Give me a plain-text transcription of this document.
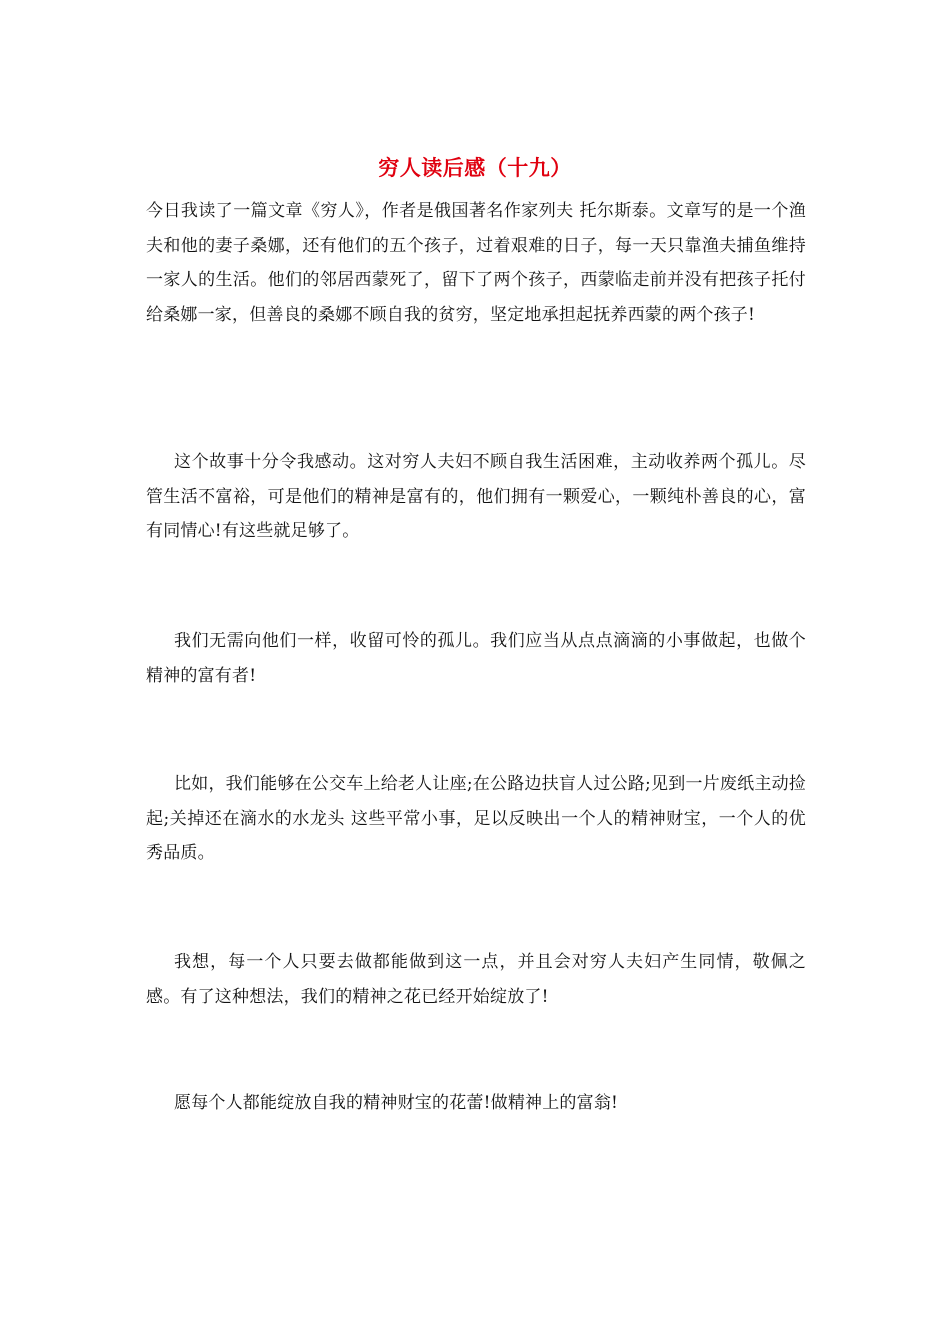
穷人读后感（十九）

今日我读了一篇文章《穷人》，作者是俄国著名作家列夫 托尔斯泰。文章写的是一个渔夫和他的妻子桑娜，还有他们的五个孩子，过着艰难的日子，每一天只靠渔夫捕鱼维持一家人的生活。他们的邻居西蒙死了，留下了两个孩子，西蒙临走前并没有把孩子托付给桑娜一家，但善良的桑娜不顾自我的贫穷，坚定地承担起抚养西蒙的两个孩子!

这个故事十分令我感动。这对穷人夫妇不顾自我生活困难，主动收养两个孤儿。尽管生活不富裕，可是他们的精神是富有的，他们拥有一颗爱心，一颗纯朴善良的心，富有同情心!有这些就足够了。

我们无需向他们一样，收留可怜的孤儿。我们应当从点点滴滴的小事做起，也做个精神的富有者!

比如，我们能够在公交车上给老人让座;在公路边扶盲人过公路;见到一片废纸主动捡起;关掉还在滴水的水龙头 这些平常小事，足以反映出一个人的精神财宝，一个人的优秀品质。

我想，每一个人只要去做都能做到这一点，并且会对穷人夫妇产生同情，敬佩之感。有了这种想法，我们的精神之花已经开始绽放了!

愿每个人都能绽放自我的精神财宝的花蕾!做精神上的富翁!
